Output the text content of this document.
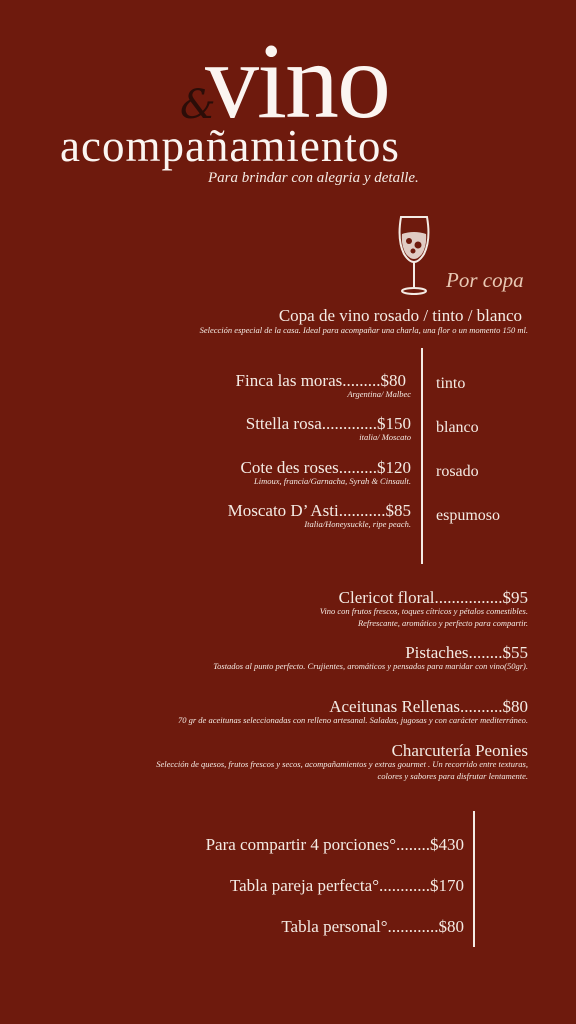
vino
&
acompañamientos
Para brindar con alegria y detalle.
Por copa
Copa de vino rosado / tinto / blanco
Selección especial de la casa. Ideal para acompañar una charla, una flor o un momento 150 ml.
Finca las moras.........$80
Argentina/ Malbec
tinto
Sttella rosa.............$150
italia/ Moscato
blanco
Cote des roses.........$120
Limoux, francia/Garnacha, Syrah & Cinsault.
rosado
Moscato D’ Asti...........$85
Italia/Honeysuckle, ripe peach. espumoso
Clericot floral................$95
Vino con frutos frescos, toques cítricos y pétalos comestibles.
Refrescante, aromático y perfecto para compartir.
Pistaches........$55
Tostados al punto perfecto. Crujientes, aromáticos y pensados para maridar con vino(50gr).
Aceitunas Rellenas..........$80
70 gr de aceitunas seleccionadas con relleno artesanal. Saladas, jugosas y con carácter mediterráneo.
Charcutería Peonies
Selección de quesos, frutos frescos y secos, acompañamientos y extras gourmet . Un recorrido entre texturas,
colores y sabores para disfrutar lentamente.
Para compartir 4 porciones°........$430
Tabla pareja perfecta°............$170
Tabla personal°............$80
